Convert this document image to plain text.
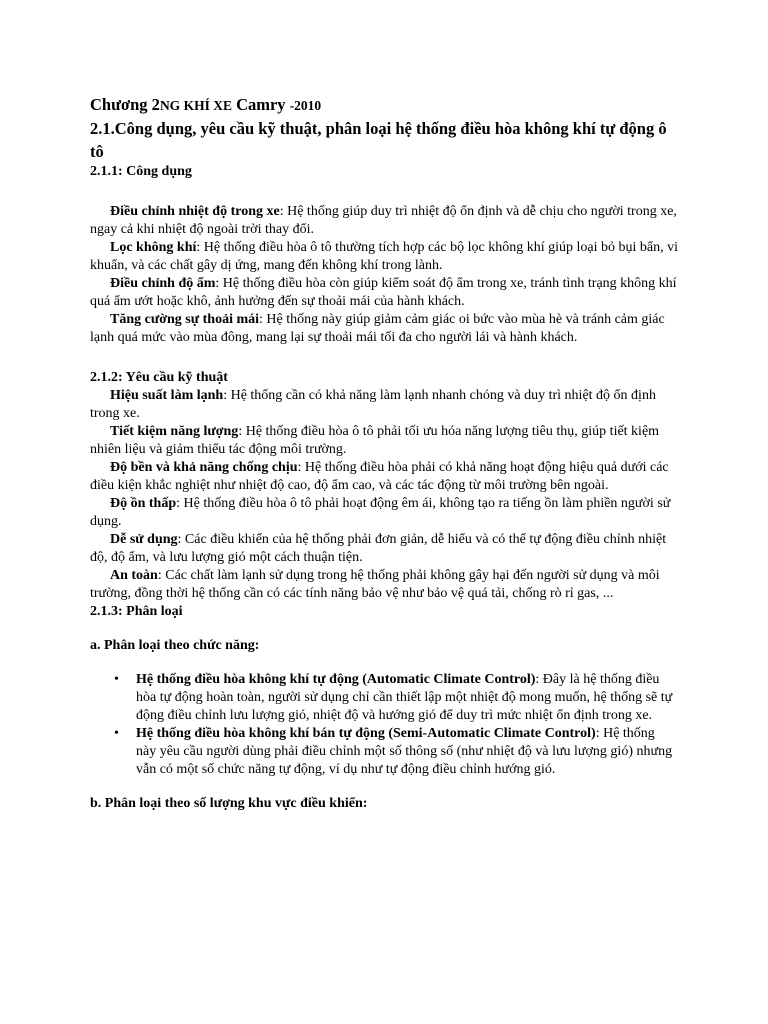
Chương 2NG KHÍ XE Camry -2010

2.1.Công dụng, yêu cầu kỹ thuật, phân loại hệ thống điều hòa không khí tự động ô tô

2.1.1: Công dụng

Điều chỉnh nhiệt độ trong xe: Hệ thống giúp duy trì nhiệt độ ổn định và dễ chịu cho người trong xe, ngay cả khi nhiệt độ ngoài trời thay đổi.

Lọc không khí: Hệ thống điều hòa ô tô thường tích hợp các bộ lọc không khí giúp loại bỏ bụi bẩn, vi khuẩn, và các chất gây dị ứng, mang đến không khí trong lành.

Điều chỉnh độ ẩm: Hệ thống điều hòa còn giúp kiểm soát độ ẩm trong xe, tránh tình trạng không khí quá ẩm ướt hoặc khô, ảnh hưởng đến sự thoải mái của hành khách.

Tăng cường sự thoải mái: Hệ thống này giúp giảm cảm giác oi bức vào mùa hè và tránh cảm giác lạnh quá mức vào mùa đông, mang lại sự thoải mái tối đa cho người lái và hành khách.

2.1.2: Yêu cầu kỹ thuật

Hiệu suất làm lạnh: Hệ thống cần có khả năng làm lạnh nhanh chóng và duy trì nhiệt độ ổn định trong xe.

Tiết kiệm năng lượng: Hệ thống điều hòa ô tô phải tối ưu hóa năng lượng tiêu thụ, giúp tiết kiệm nhiên liệu và giảm thiểu tác động môi trường.

Độ bền và khả năng chống chịu: Hệ thống điều hòa phải có khả năng hoạt động hiệu quả dưới các điều kiện khắc nghiệt như nhiệt độ cao, độ ẩm cao, và các tác động từ môi trường bên ngoài.

Độ ồn thấp: Hệ thống điều hòa ô tô phải hoạt động êm ái, không tạo ra tiếng ồn làm phiền người sử dụng.

Dễ sử dụng: Các điều khiển của hệ thống phải đơn giản, dễ hiểu và có thể tự động điều chỉnh nhiệt độ, độ ẩm, và lưu lượng gió một cách thuận tiện.

An toàn: Các chất làm lạnh sử dụng trong hệ thống phải không gây hại đến người sử dụng và môi trường, đồng thời hệ thống cần có các tính năng bảo vệ như bảo vệ quá tải, chống rò rỉ gas, ...

2.1.3: Phân loại

a. Phân loại theo chức năng:

• Hệ thống điều hòa không khí tự động (Automatic Climate Control): Đây là hệ thống điều hòa tự động hoàn toàn, người sử dụng chỉ cần thiết lập một nhiệt độ mong muốn, hệ thống sẽ tự động điều chỉnh lưu lượng gió, nhiệt độ và hướng gió để duy trì mức nhiệt ổn định trong xe.
• Hệ thống điều hòa không khí bán tự động (Semi-Automatic Climate Control): Hệ thống này yêu cầu người dùng phải điều chỉnh một số thông số (như nhiệt độ và lưu lượng gió) nhưng vẫn có một số chức năng tự động, ví dụ như tự động điều chỉnh hướng gió.

b. Phân loại theo số lượng khu vực điều khiển:
